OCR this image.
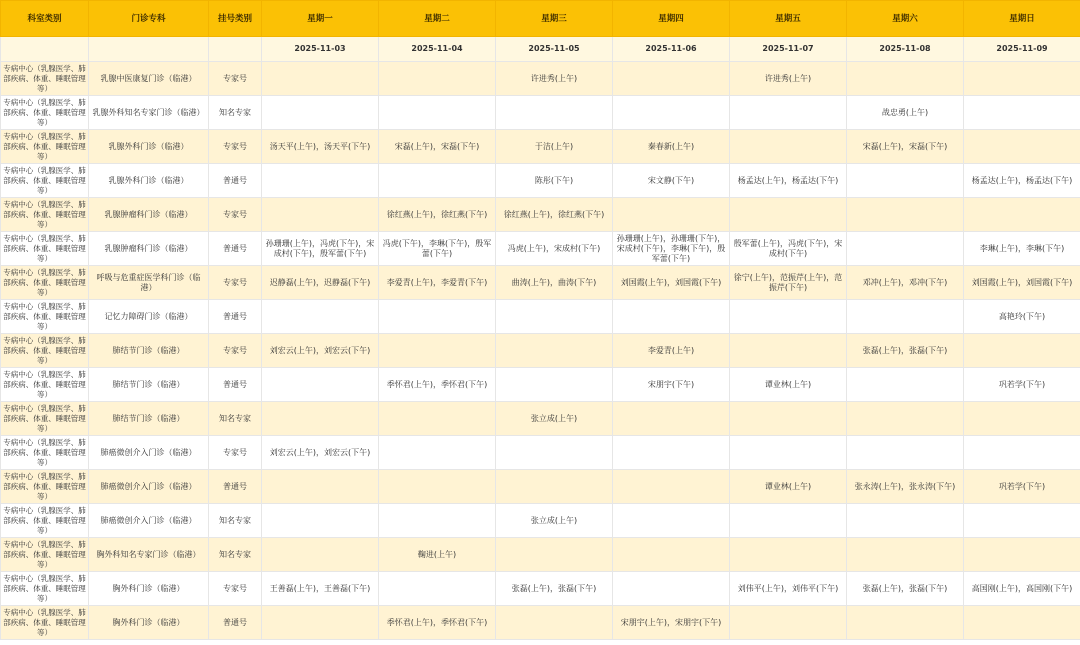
科室类别	门诊专科	挂号类别	星期一	星期二	星期三	星期四	星期五	星期六	星期日
			2025-11-03	2025-11-04	2025-11-05	2025-11-06	2025-11-07	2025-11-08	2025-11-09
专病中心（乳腺医学、肺部疾病、体重、睡眠管理等）	乳腺中医康复门诊（临港）	专家号			许进秀(上午)		许进秀(上午)		
专病中心（乳腺医学、肺部疾病、体重、睡眠管理等）	乳腺外科知名专家门诊（临港）	知名专家						战忠勇(上午)	
专病中心（乳腺医学、肺部疾病、体重、睡眠管理等）	乳腺外科门诊（临港）	专家号	汤天平(上午)，汤天平(下午)	宋磊(上午)，宋磊(下午)	于洁(上午)	秦春新(上午)		宋磊(上午)，宋磊(下午)	
专病中心（乳腺医学、肺部疾病、体重、睡眠管理等）	乳腺外科门诊（临港）	普通号			陈彤(下午)	宋文静(下午)	杨孟达(上午)，杨孟达(下午)		杨孟达(上午)，杨孟达(下午)
专病中心（乳腺医学、肺部疾病、体重、睡眠管理等）	乳腺肿瘤科门诊（临港）	专家号		徐红燕(上午)，徐红燕(下午)	徐红燕(上午)，徐红燕(下午)				
专病中心（乳腺医学、肺部疾病、体重、睡眠管理等）	乳腺肿瘤科门诊（临港）	普通号	孙珊珊(上午)，冯虎(下午)，宋成村(下午)，殷军蕾(下午)	冯虎(下午)，李琳(下午)，殷军蕾(下午)	冯虎(上午)，宋成村(下午)	孙珊珊(上午)，孙珊珊(下午)，宋成村(下午)，李琳(下午)，殷军蕾(下午)	殷军蕾(上午)，冯虎(下午)，宋成村(下午)		李琳(上午)，李琳(下午)
专病中心（乳腺医学、肺部疾病、体重、睡眠管理等）	呼吸与危重症医学科门诊（临港）	专家号	迟静磊(上午)，迟静磊(下午)	李爱青(上午)，李爱青(下午)	曲涛(上午)，曲涛(下午)	刘国霞(上午)，刘国霞(下午)	徐宁(上午)，范振芹(上午)，范振芹(下午)	邓冲(上午)，邓冲(下午)	刘国霞(上午)，刘国霞(下午)
专病中心（乳腺医学、肺部疾病、体重、睡眠管理等）	记忆力障碍门诊（临港）	普通号							高艳玲(下午)
专病中心（乳腺医学、肺部疾病、体重、睡眠管理等）	肺结节门诊（临港）	专家号	刘宏云(上午)，刘宏云(下午)			李爱青(上午)		张磊(上午)，张磊(下午)	
专病中心（乳腺医学、肺部疾病、体重、睡眠管理等）	肺结节门诊（临港）	普通号		季怀君(上午)，季怀君(下午)		宋朋宇(下午)	谭业林(上午)		巩若学(下午)
专病中心（乳腺医学、肺部疾病、体重、睡眠管理等）	肺结节门诊（临港）	知名专家			张立成(上午)				
专病中心（乳腺医学、肺部疾病、体重、睡眠管理等）	肺癌微创介入门诊（临港）	专家号	刘宏云(上午)，刘宏云(下午)						
专病中心（乳腺医学、肺部疾病、体重、睡眠管理等）	肺癌微创介入门诊（临港）	普通号					谭业林(上午)	张永涛(上午)，张永涛(下午)	巩若学(下午)
专病中心（乳腺医学、肺部疾病、体重、睡眠管理等）	肺癌微创介入门诊（临港）	知名专家			张立成(上午)				
专病中心（乳腺医学、肺部疾病、体重、睡眠管理等）	胸外科知名专家门诊（临港）	知名专家		鞠进(上午)					
专病中心（乳腺医学、肺部疾病、体重、睡眠管理等）	胸外科门诊（临港）	专家号	王善磊(上午)，王善磊(下午)		张磊(上午)，张磊(下午)		刘伟平(上午)，刘伟平(下午)	张磊(上午)，张磊(下午)	高国刚(上午)，高国刚(下午)
专病中心（乳腺医学、肺部疾病、体重、睡眠管理等）	胸外科门诊（临港）	普通号		季怀君(上午)，季怀君(下午)		宋朋宇(上午)，宋朋宇(下午)			
